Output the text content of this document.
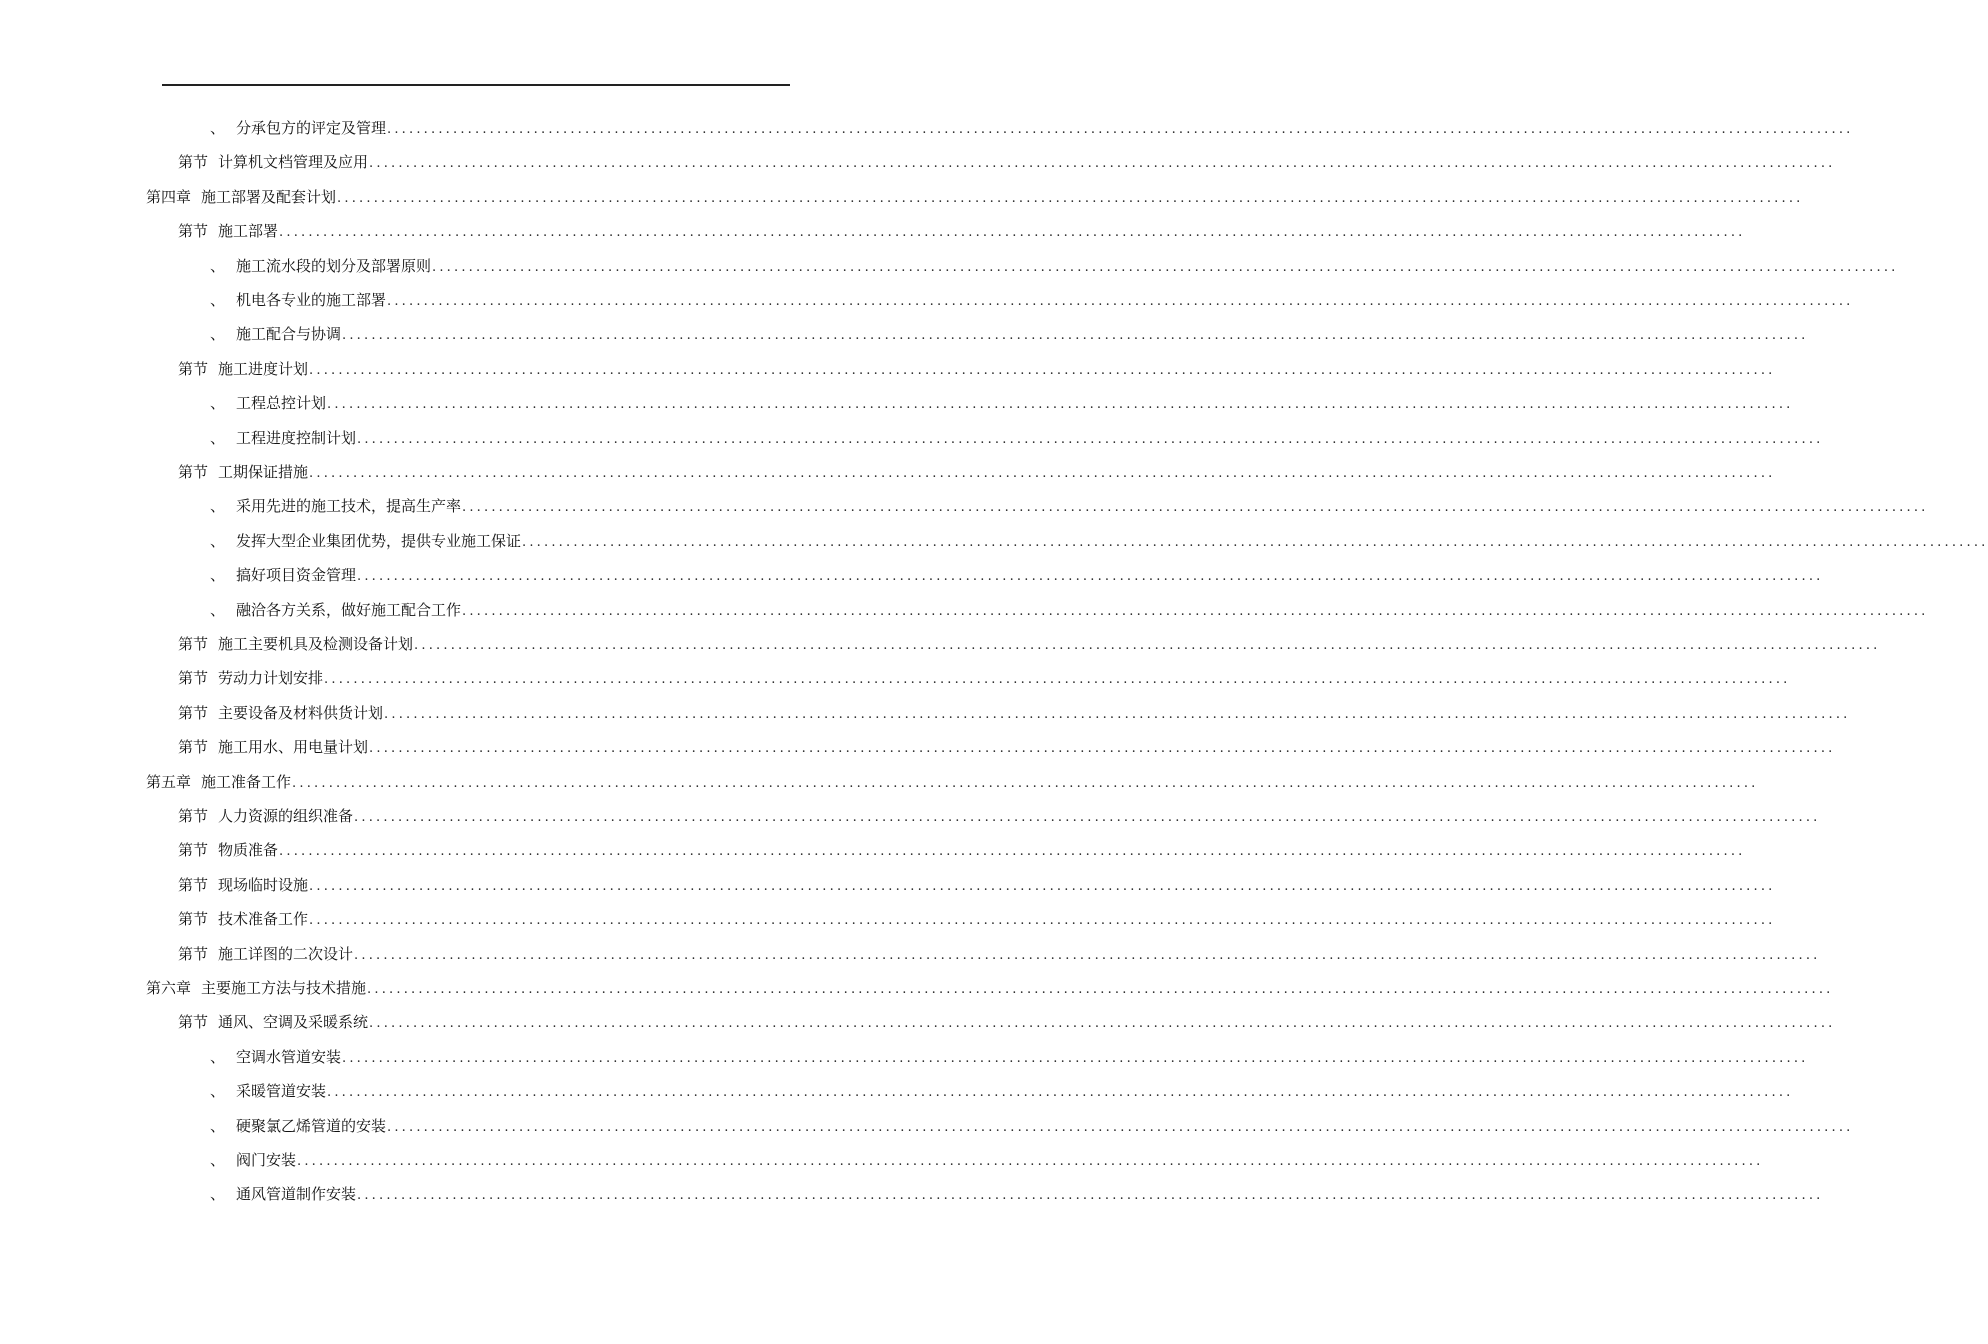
、 分承包方的评定及管理 ........................................................................................................................................................................................................
第节 计算机文档管理及应用 ........................................................................................................................................................................................................
第四章 施工部署及配套计划 ........................................................................................................................................................................................................
第节 施工部署 ........................................................................................................................................................................................................
、 施工流水段的划分及部署原则 ........................................................................................................................................................................................................
、 机电各专业的施工部署 ........................................................................................................................................................................................................
、 施工配合与协调 ........................................................................................................................................................................................................
第节 施工进度计划 ........................................................................................................................................................................................................
、 工程总控计划 ........................................................................................................................................................................................................
、 工程进度控制计划 ........................................................................................................................................................................................................
第节 工期保证措施 ........................................................................................................................................................................................................
、 采用先进的施工技术，提高生产率 ........................................................................................................................................................................................................
、 发挥大型企业集团优势，提供专业施工保证 ........................................................................................................................................................................................................
、 搞好项目资金管理 ........................................................................................................................................................................................................
、 融洽各方关系，做好施工配合工作 ........................................................................................................................................................................................................
第节 施工主要机具及检测设备计划 ........................................................................................................................................................................................................
第节 劳动力计划安排 ........................................................................................................................................................................................................
第节 主要设备及材料供货计划 ........................................................................................................................................................................................................
第节 施工用水、用电量计划 ........................................................................................................................................................................................................
第五章 施工准备工作 ........................................................................................................................................................................................................
第节 人力资源的组织准备 ........................................................................................................................................................................................................
第节 物质准备 ........................................................................................................................................................................................................
第节 现场临时设施 ........................................................................................................................................................................................................
第节 技术准备工作 ........................................................................................................................................................................................................
第节 施工详图的二次设计 ........................................................................................................................................................................................................
第六章 主要施工方法与技术措施 ........................................................................................................................................................................................................
第节 通风、空调及采暖系统 ........................................................................................................................................................................................................
、 空调水管道安装 ........................................................................................................................................................................................................
、 采暖管道安装 ........................................................................................................................................................................................................
、 硬聚氯乙烯管道的安装 ........................................................................................................................................................................................................
、 阀门安装 ........................................................................................................................................................................................................
、 通风管道制作安装 ........................................................................................................................................................................................................
